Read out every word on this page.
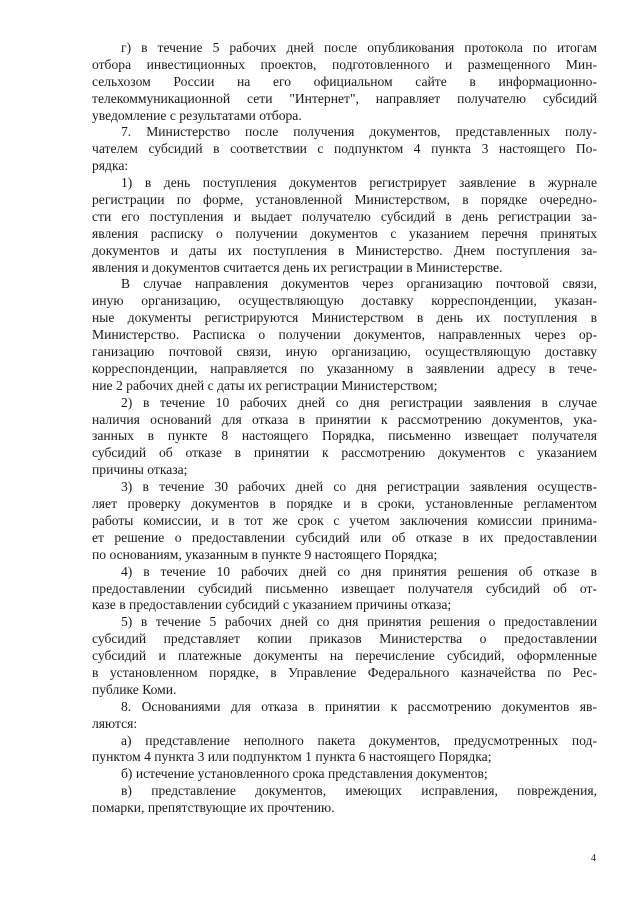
г) в течение 5 рабочих дней после опубликования протокола по итогам
отбора инвестиционных проектов, подготовленного и размещенного Мин-
сельхозом России на его официальном сайте в информационно-
телекоммуникационной сети "Интернет", направляет получателю субсидий
уведомление с результатами отбора.
7. Министерство после получения документов, представленных полу-
чателем субсидий в соответствии с подпунктом 4 пункта 3 настоящего По-
рядка:
1) в день поступления документов регистрирует заявление в журнале
регистрации по форме, установленной Министерством, в порядке очередно-
сти его поступления и выдает получателю субсидий в день регистрации за-
явления расписку о получении документов с указанием перечня принятых
документов и даты их поступления в Министерство. Днем поступления за-
явления и документов считается день их регистрации в Министерстве.
В случае направления документов через организацию почтовой связи,
иную организацию, осуществляющую доставку корреспонденции, указан-
ные документы регистрируются Министерством в день их поступления в
Министерство. Расписка о получении документов, направленных через ор-
ганизацию почтовой связи, иную организацию, осуществляющую доставку
корреспонденции, направляется по указанному в заявлении адресу в тече-
ние 2 рабочих дней с даты их регистрации Министерством;
2) в течение 10 рабочих дней со дня регистрации заявления в случае
наличия оснований для отказа в принятии к рассмотрению документов, ука-
занных в пункте 8 настоящего Порядка, письменно извещает получателя
субсидий об отказе в принятии к рассмотрению документов с указанием
причины отказа;
3) в течение 30 рабочих дней со дня регистрации заявления осуществ-
ляет проверку документов в порядке и в сроки, установленные регламентом
работы комиссии, и в тот же срок с учетом заключения комиссии принима-
ет решение о предоставлении субсидий или об отказе в их предоставлении
по основаниям, указанным в пункте 9 настоящего Порядка;
4) в течение 10 рабочих дней со дня принятия решения об отказе в
предоставлении субсидий письменно извещает получателя субсидий об от-
казе в предоставлении субсидий с указанием причины отказа;
5) в течение 5 рабочих дней со дня принятия решения о предоставлении
субсидий представляет копии приказов Министерства о предоставлении
субсидий и платежные документы на перечисление субсидий, оформленные
в установленном порядке, в Управление Федерального казначейства по Рес-
публике Коми.
8. Основаниями для отказа в принятии к рассмотрению документов яв-
ляются:
а) представление неполного пакета документов, предусмотренных под-
пунктом 4 пункта 3 или подпунктом 1 пункта 6 настоящего Порядка;
б) истечение установленного срока представления документов;
в) представление документов, имеющих исправления, повреждения,
помарки, препятствующие их прочтению.
4
